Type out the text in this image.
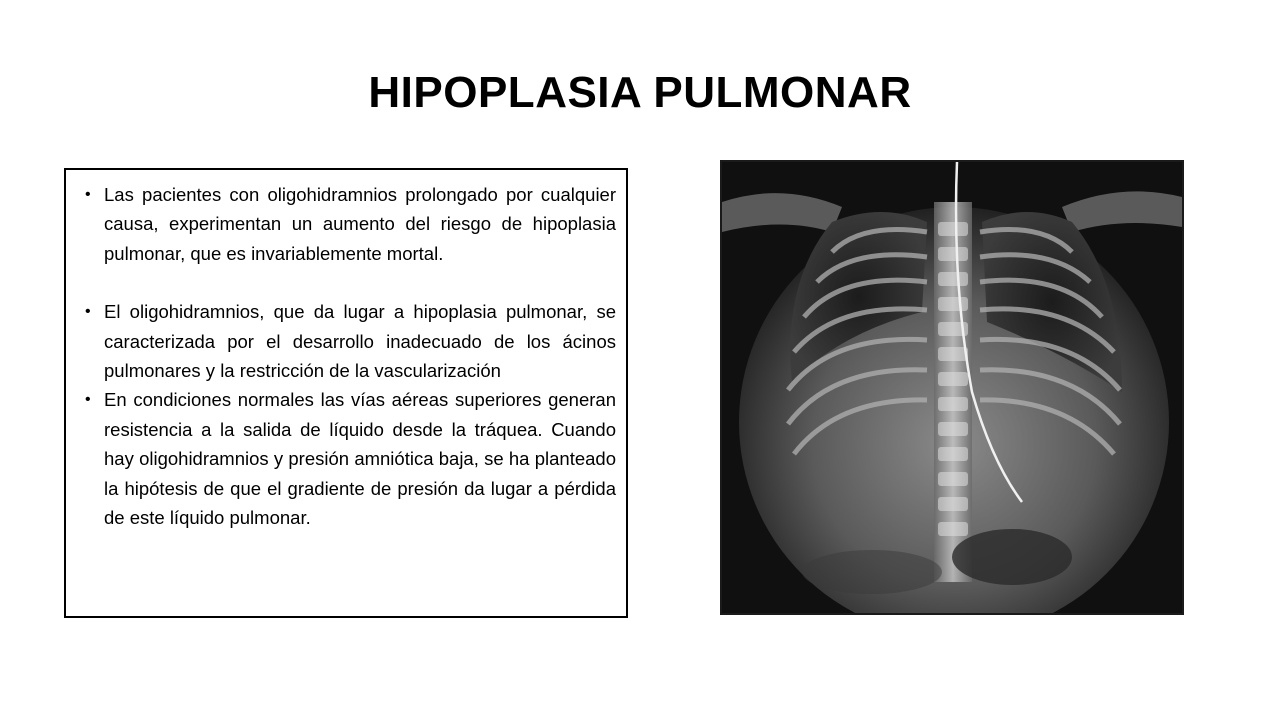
HIPOPLASIA PULMONAR
• Las pacientes con oligohidramnios prolongado por cualquier causa, experimentan un aumento del riesgo de hipoplasia pulmonar, que es invariablemente mortal.
• El oligohidramnios, que da lugar a hipoplasia pulmonar, se caracterizada por el desarrollo inadecuado de los ácinos pulmonares y la restricción de la vascularización
• En condiciones normales las vías aéreas superiores generan resistencia a la salida de líquido desde la tráquea. Cuando hay oligohidramnios y presión amniótica baja, se ha planteado la hipótesis de que el gradiente de presión da lugar a pérdida de este líquido pulmonar.
